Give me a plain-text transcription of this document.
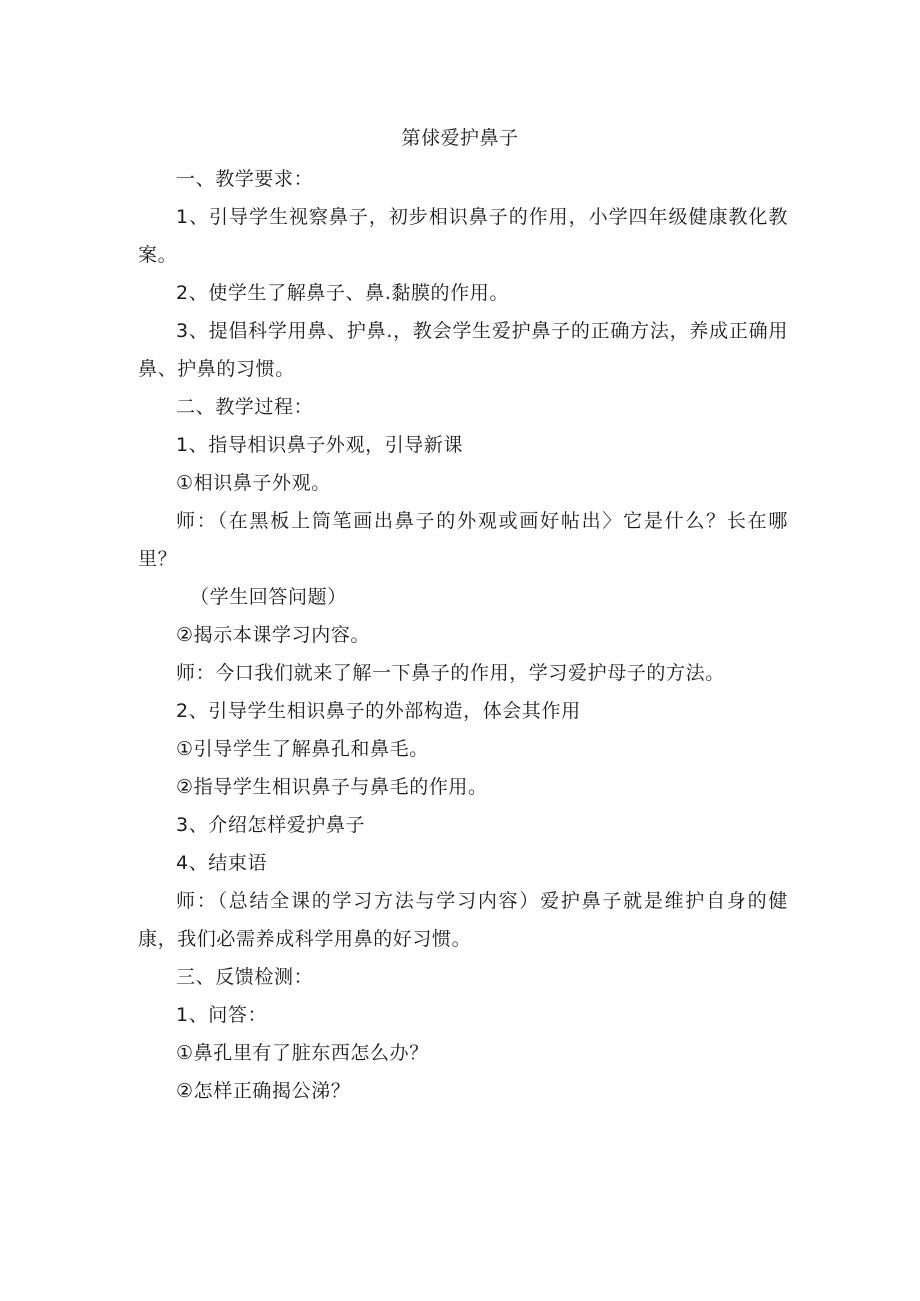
第俅爱护鼻子

一、教学要求：

1、引导学生视察鼻子，初步相识鼻子的作用，小学四年级健康教化教案。

2、使学生了解鼻子、鼻.黏膜的作用。

3、提倡科学用鼻、护鼻.，教会学生爱护鼻子的正确方法，养成正确用鼻、护鼻的习惯。

二、教学过程：

1、指导相识鼻子外观，引导新课

①相识鼻子外观。

师：（在黑板上筒笔画出鼻子的外观或画好帖出〉它是什么？长在哪里？

（学生回答问题）

②揭示本课学习内容。

师：今口我们就来了解一下鼻子的作用，学习爱护母子的方法。

2、引导学生相识鼻子的外部构造，体会其作用

①引导学生了解鼻孔和鼻毛。

②指导学生相识鼻子与鼻毛的作用。

3、介绍怎样爱护鼻子

4、结束语

师：（总结全课的学习方法与学习内容）爱护鼻子就是维护自身的健康，我们必需养成科学用鼻的好习惯。

三、反馈检测：

1、问答：

①鼻孔里有了脏东西怎么办？

②怎样正确揭公涕？
